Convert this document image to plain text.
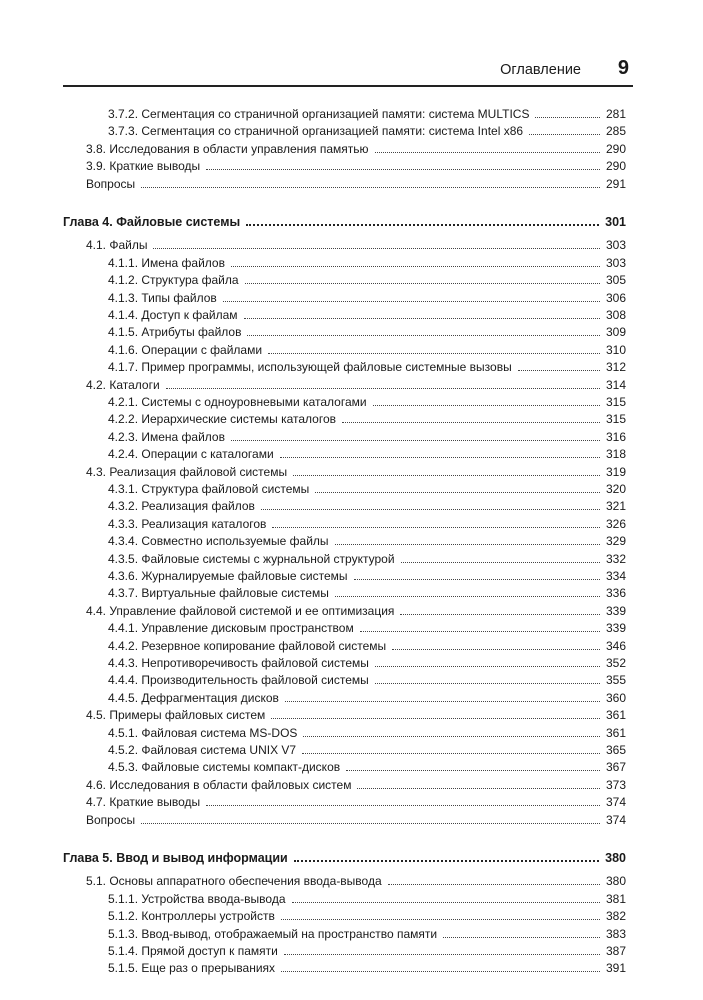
Оглавление 9
3.7.2. Сегментация со страничной организацией памяти: система MULTICS	281
3.7.3. Сегментация со страничной организацией памяти: система Intel x86	285
3.8. Исследования в области управления памятью	290
3.9. Краткие выводы	290
Вопросы	291
Глава 4. Файловые системы	301
4.1. Файлы	303
4.1.1. Имена файлов	303
4.1.2. Структура файла	305
4.1.3. Типы файлов	306
4.1.4. Доступ к файлам	308
4.1.5. Атрибуты файлов	309
4.1.6. Операции с файлами	310
4.1.7. Пример программы, использующей файловые системные вызовы	312
4.2. Каталоги	314
4.2.1. Системы с одноуровневыми каталогами	315
4.2.2. Иерархические системы каталогов	315
4.2.3. Имена файлов	316
4.2.4. Операции с каталогами	318
4.3. Реализация файловой системы	319
4.3.1. Структура файловой системы	320
4.3.2. Реализация файлов	321
4.3.3. Реализация каталогов	326
4.3.4. Совместно используемые файлы	329
4.3.5. Файловые системы с журнальной структурой	332
4.3.6. Журналируемые файловые системы	334
4.3.7. Виртуальные файловые системы	336
4.4. Управление файловой системой и ее оптимизация	339
4.4.1. Управление дисковым пространством	339
4.4.2. Резервное копирование файловой системы	346
4.4.3. Непротиворечивость файловой системы	352
4.4.4. Производительность файловой системы	355
4.4.5. Дефрагментация дисков	360
4.5. Примеры файловых систем	361
4.5.1. Файловая система MS-DOS	361
4.5.2. Файловая система UNIX V7	365
4.5.3. Файловые системы компакт-дисков	367
4.6. Исследования в области файловых систем	373
4.7. Краткие выводы	374
Вопросы	374
Глава 5. Ввод и вывод информации	380
5.1. Основы аппаратного обеспечения ввода-вывода	380
5.1.1. Устройства ввода-вывода	381
5.1.2. Контроллеры устройств	382
5.1.3. Ввод-вывод, отображаемый на пространство памяти	383
5.1.4. Прямой доступ к памяти	387
5.1.5. Еще раз о прерываниях	391
